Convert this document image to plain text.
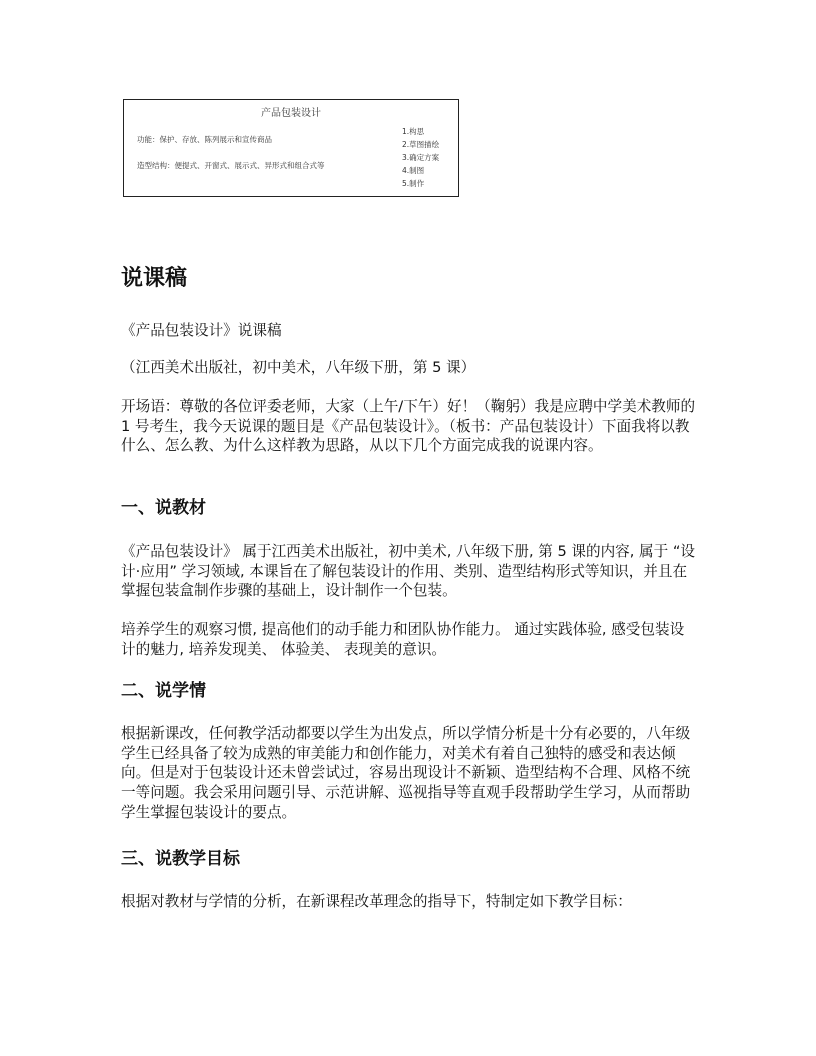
产品包装设计
功能：保护、存放、陈列展示和宣传商品
造型结构：便提式、开窗式、展示式、异形式和组合式等
1.构思
2.草图描绘
3.确定方案
4.制图
5.制作
说课稿

《产品包装设计》说课稿

（江西美术出版社，初中美术，八年级下册，第 5 课）

开场语：尊敬的各位评委老师，大家（上午/下午）好！（鞠躬）我是应聘中学美术教师的 1 号考生，我今天说课的题目是《产品包装设计》。（板书：产品包装设计）下面我将以教什么、怎么教、为什么这样教为思路，从以下几个方面完成我的说课内容。

一、说教材

《产品包装设计》 属于江西美术出版社，初中美术, 八年级下册, 第 5 课的内容, 属于 “设计·应用” 学习领域, 本课旨在了解包装设计的作用、类别、造型结构形式等知识，并且在掌握包装盒制作步骤的基础上，设计制作一个包装。

培养学生的观察习惯, 提高他们的动手能力和团队协作能力。 通过实践体验, 感受包装设计的魅力, 培养发现美、 体验美、 表现美的意识。

二、说学情

根据新课改，任何教学活动都要以学生为出发点，所以学情分析是十分有必要的，八年级学生已经具备了较为成熟的审美能力和创作能力，对美术有着自己独特的感受和表达倾向。但是对于包装设计还未曾尝试过，容易出现设计不新颖、造型结构不合理、风格不统一等问题。我会采用问题引导、示范讲解、巡视指导等直观手段帮助学生学习，从而帮助学生掌握包装设计的要点。

三、说教学目标

根据对教材与学情的分析，在新课程改革理念的指导下，特制定如下教学目标：
